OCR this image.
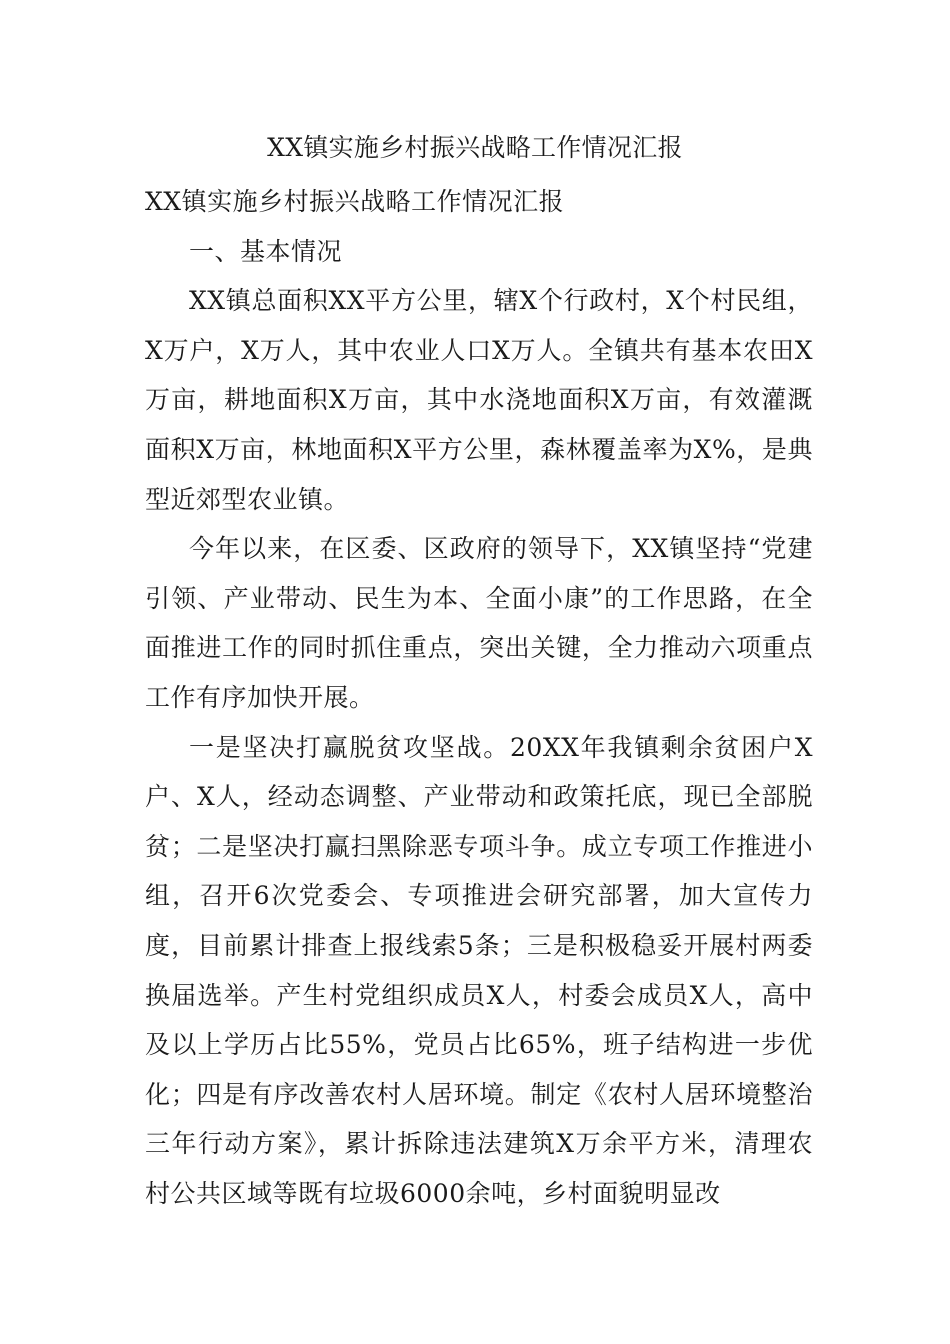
XX镇实施乡村振兴战略工作情况汇报

XX镇实施乡村振兴战略工作情况汇报

一、基本情况

XX镇总面积XX平方公里，辖X个行政村，X个村民组，X万户，X万人，其中农业人口X万人。全镇共有基本农田X万亩，耕地面积X万亩，其中水浇地面积X万亩，有效灌溉面积X万亩，林地面积X平方公里，森林覆盖率为X%，是典型近郊型农业镇。

今年以来，在区委、区政府的领导下，XX镇坚持“党建引领、产业带动、民生为本、全面小康”的工作思路，在全面推进工作的同时抓住重点，突出关键，全力推动六项重点工作有序加快开展。

一是坚决打赢脱贫攻坚战。20XX年我镇剩余贫困户X户、X人，经动态调整、产业带动和政策托底，现已全部脱贫；二是坚决打赢扫黑除恶专项斗争。成立专项工作推进小组，召开6次党委会、专项推进会研究部署，加大宣传力度，目前累计排查上报线索5条；三是积极稳妥开展村两委换届选举。产生村党组织成员X人，村委会成员X人，高中及以上学历占比55%，党员占比65%，班子结构进一步优化；四是有序改善农村人居环境。制定《农村人居环境整治三年行动方案》，累计拆除违法建筑X万余平方米，清理农村公共区域等既有垃圾6000余吨，乡村面貌明显改
